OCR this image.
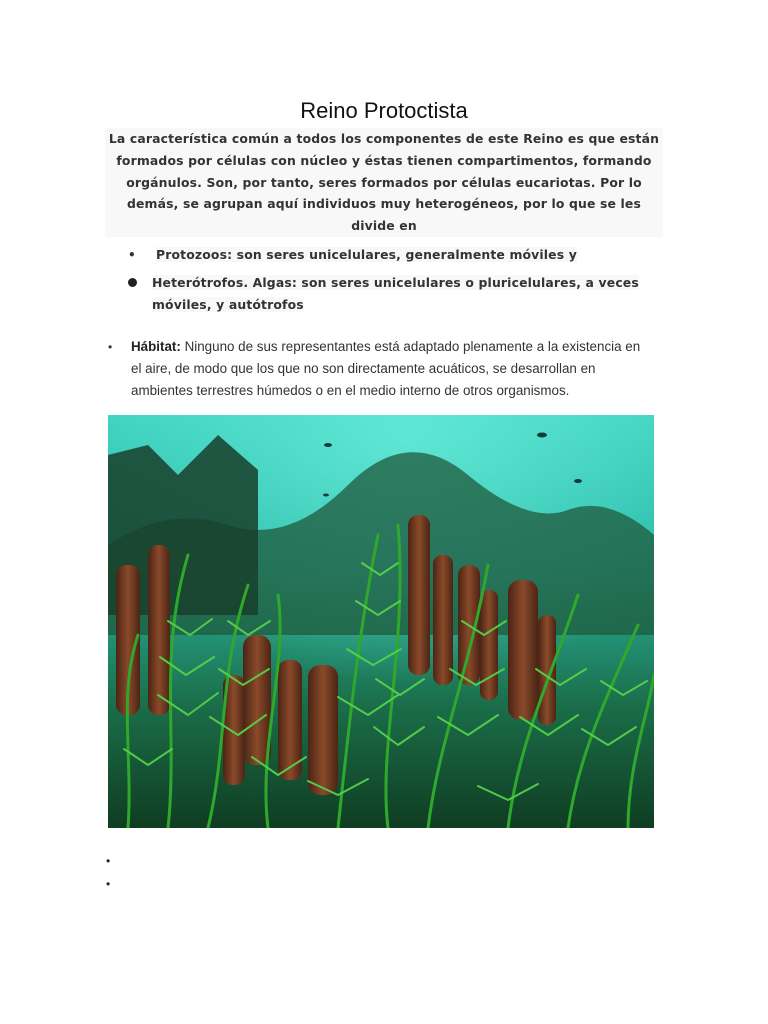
Reino Protoctista

La característica común a todos los componentes de este Reino es que están formados por células con núcleo y éstas tienen compartimentos, formando orgánulos. Son, por tanto, seres formados por células eucariotas. Por lo demás, se agrupan aquí individuos muy heterogéneos, por lo que se les divide en

• Protozoos: son seres unicelulares, generalmente móviles y
Heterótrofos. Algas: son seres unicelulares o pluricelulares, a veces móviles, y autótrofos
•	Hábitat: Ninguno de sus representantes está adaptado plenamente a la existencia en el aire, de modo que los que no son directamente acuáticos, se desarrollan en ambientes terrestres húmedos o en el medio interno de otros organismos.
•
•
